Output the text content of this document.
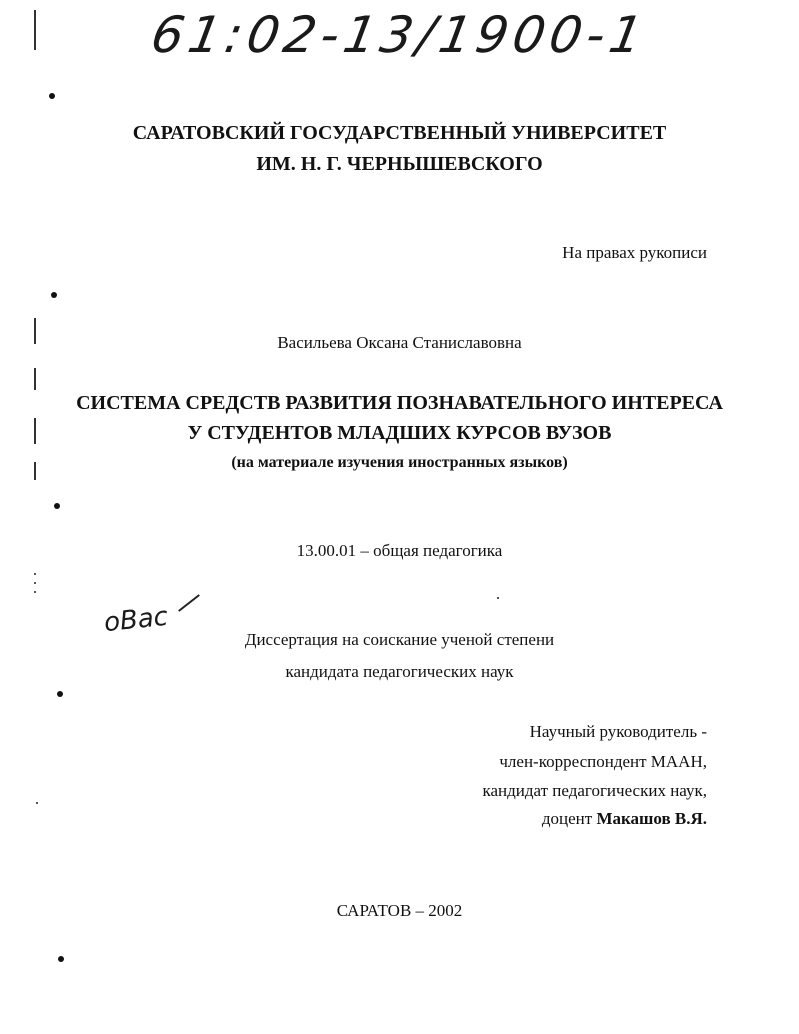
61:02-13/1900-1
САРАТОВСКИЙ ГОСУДАРСТВЕННЫЙ УНИВЕРСИТЕТ
ИМ. Н. Г. ЧЕРНЫШЕВСКОГО
На правах рукописи
Васильева Оксана Станиславовна
СИСТЕМА СРЕДСТВ РАЗВИТИЯ ПОЗНАВАТЕЛЬНОГО ИНТЕРЕСА
У СТУДЕНТОВ МЛАДШИХ КУРСОВ ВУЗОВ
(на материале изучения иностранных языков)
13.00.01 – общая педагогика
оВас
Диссертация на соискание ученой степени
кандидата педагогических наук
Научный руководитель -
член-корреспондент МААН,
кандидат педагогических наук,
доцент Макашов В.Я.
САРАТОВ – 2002
